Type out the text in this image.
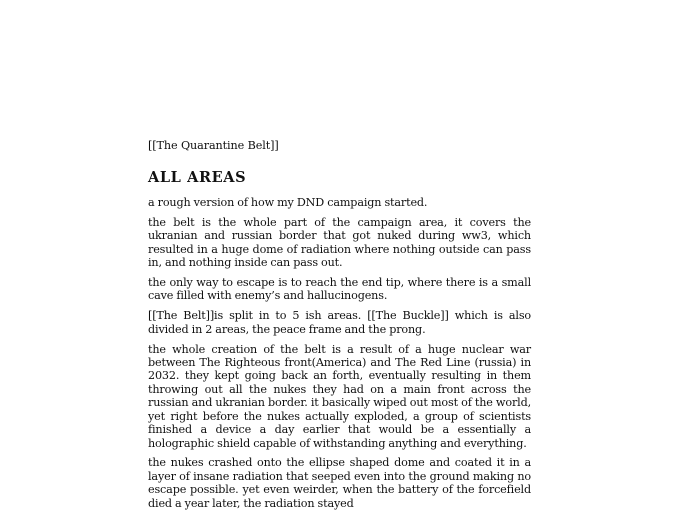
[[The Quarantine Belt]]
ALL AREAS

a rough version of how my DND campaign started.

the belt is the whole part of the campaign area, it covers the ukranian and russian border that got nuked during ww3, which resulted in a huge dome of radiation where nothing outside can pass in, and nothing inside can pass out.

the only way to escape is to reach the end tip, where there is a small cave filled with enemy’s and hallucinogens.

[[The Belt]]is split in to 5 ish areas. [[The Buckle]] which is also divided in 2 areas, the peace frame and the prong.

the whole creation of the belt is a result of a huge nuclear war between The Righteous front(America) and The Red Line (russia) in 2032. they kept going back an forth, eventually resulting in them throwing out all the nukes they had on a main front across the russian and ukranian border. it basically wiped out most of the world, yet right before the nukes actually exploded, a group of scientists finished a device a day earlier that would be a essentially a holographic shield capable of withstanding anything and everything.

the nukes crashed onto the ellipse shaped dome and coated it in a layer of insane radiation that seeped even into the ground making no escape possible. yet even weirder, when the battery of the forcefield died a year later, the radiation stayed
